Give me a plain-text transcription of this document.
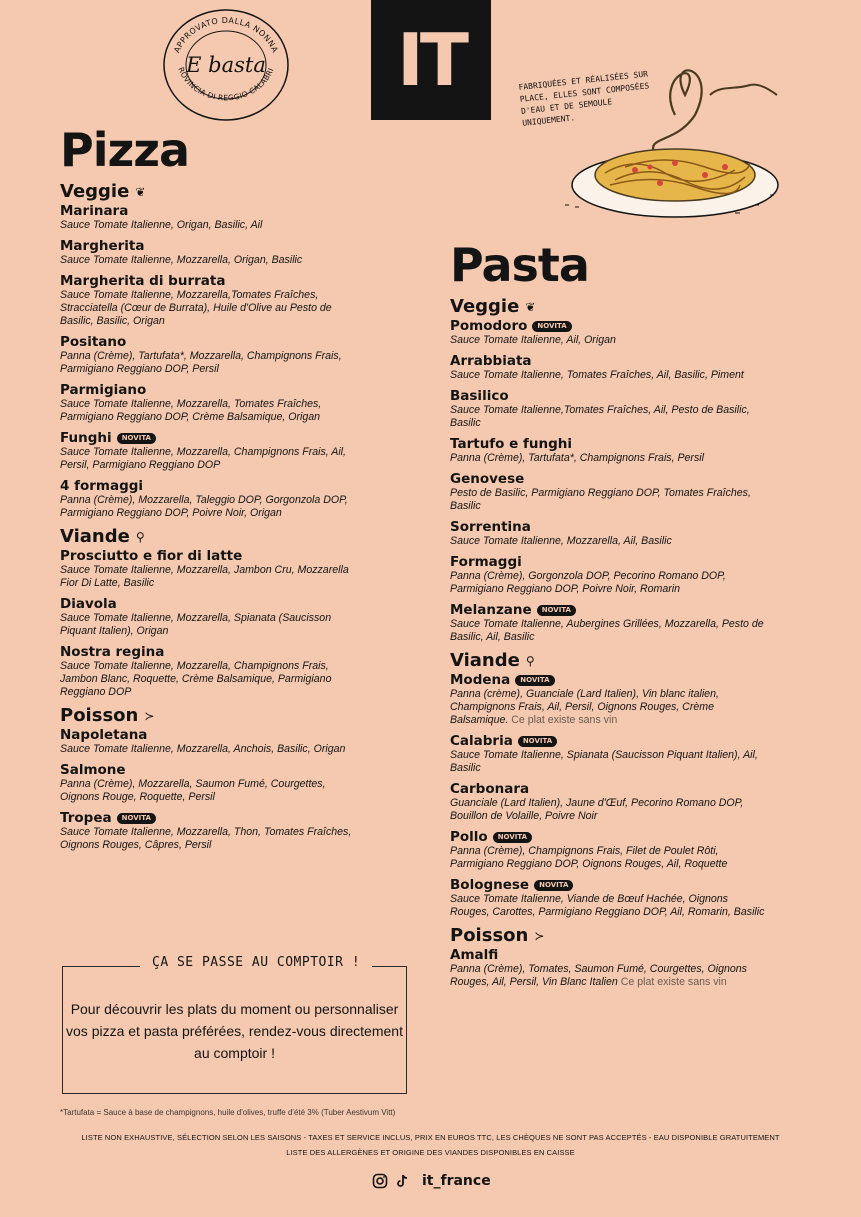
APPROVATO DALLA NONNA
ROVINCIA DI REGGIO CALABRI
E basta	IT	FABRIQUÉES ET RÉALISÉES SUR PLACE, ELLES SONT COMPOSÉES D'EAU ET DE SEMOULE UNIQUEMENT.
Pizza
Veggie ❦
Marinara
Sauce Tomate Italienne, Origan, Basilic, Ail
Margherita
Sauce Tomate Italienne, Mozzarella, Origan, Basilic
Margherita di burrata
Sauce Tomate Italienne, Mozzarella,Tomates Fraîches, Stracciatella (Cœur de Burrata), Huile d'Olive au Pesto de Basilic, Basilic, Origan
Positano
Panna (Crème), Tartufata*, Mozzarella, Champignons Frais, Parmigiano Reggiano DOP, Persil
Parmigiano
Sauce Tomate Italienne, Mozzarella, Tomates Fraîches, Parmigiano Reggiano DOP, Crème Balsamique, Origan
Funghi	NOVITA
Sauce Tomate Italienne, Mozzarella, Champignons Frais, Ail, Persil, Parmigiano Reggiano DOP
4 formaggi
Panna (Crème), Mozzarella, Taleggio DOP, Gorgonzola DOP, Parmigiano Reggiano DOP, Poivre Noir, Origan
Viande ⚲
Prosciutto e fior di latte
Sauce Tomate Italienne, Mozzarella, Jambon Cru, Mozzarella Fior Di Latte, Basilic
Diavola
Sauce Tomate Italienne, Mozzarella, Spianata (Saucisson Piquant Italien), Origan
Nostra regina
Sauce Tomate Italienne, Mozzarella, Champignons Frais, Jambon Blanc, Roquette, Crème Balsamique, Parmigiano Reggiano DOP
Poisson ≻
Napoletana
Sauce Tomate Italienne, Mozzarella, Anchois, Basilic, Origan
Salmone
Panna (Crème), Mozzarella, Saumon Fumé, Courgettes, Oignons Rouge, Roquette, Persil
Tropea	NOVITA
Sauce Tomate Italienne, Mozzarella, Thon, Tomates Fraîches, Oignons Rouges, Câpres, Persil
Pasta
Veggie ❦
Pomodoro	NOVITA
Sauce Tomate Italienne, Ail, Origan
Arrabbiata
Sauce Tomate Italienne, Tomates Fraîches, Ail, Basilic, Piment
Basilico
Sauce Tomate Italienne,Tomates Fraîches, Ail, Pesto de Basilic, Basilic
Tartufo e funghi
Panna (Crème), Tartufata*, Champignons Frais, Persil
Genovese
Pesto de Basilic, Parmigiano Reggiano DOP, Tomates Fraîches, Basilic
Sorrentina
Sauce Tomate Italienne, Mozzarella, Ail, Basilic
Formaggi
Panna (Crème), Gorgonzola DOP, Pecorino Romano DOP, Parmigiano Reggiano DOP, Poivre Noir, Romarin
Melanzane	NOVITA
Sauce Tomate Italienne, Aubergines Grillées, Mozzarella, Pesto de Basilic, Ail, Basilic
Viande ⚲
Modena	NOVITA
Panna (crème), Guanciale (Lard Italien), Vin blanc italien, Champignons Frais, Ail, Persil, Oignons Rouges, Crème Balsamique. Ce plat existe sans vin
Calabria	NOVITA
Sauce Tomate Italienne, Spianata (Saucisson Piquant Italien), Ail, Basilic
Carbonara
Guanciale (Lard Italien), Jaune d'Œuf, Pecorino Romano DOP, Bouillon de Volaille, Poivre Noir
Pollo	NOVITA
Panna (Crème), Champignons Frais, Filet de Poulet Rôti, Parmigiano Reggiano DOP, Oignons Rouges, Ail, Roquette
Bolognese	NOVITA
Sauce Tomate Italienne, Viande de Bœuf Hachée, Oignons Rouges, Carottes, Parmigiano Reggiano DOP, Ail, Romarin, Basilic
Poisson ≻
Amalfi
Panna (Crème), Tomates, Saumon Fumé, Courgettes, Oignons Rouges, Ail, Persil, Vin Blanc Italien Ce plat existe sans vin
ÇA SE PASSE AU COMPTOIR !
Pour découvrir les plats du moment ou personnaliser vos pizza et pasta préférées, rendez-vous directement au comptoir !
*Tartufata = Sauce à base de champignons, huile d'olives, truffe d'été 3% (Tuber Aestivum Vitt)
LISTE NON EXHAUSTIVE, SÉLECTION SELON LES SAISONS - TAXES ET SERVICE INCLUS, PRIX EN EUROS TTC, LES CHÈQUES NE SONT PAS ACCEPTÉS - EAU DISPONIBLE GRATUITEMENT
LISTE DES ALLERGÈNES ET ORIGINE DES VIANDES DISPONIBLES EN CAISSE
it_france
